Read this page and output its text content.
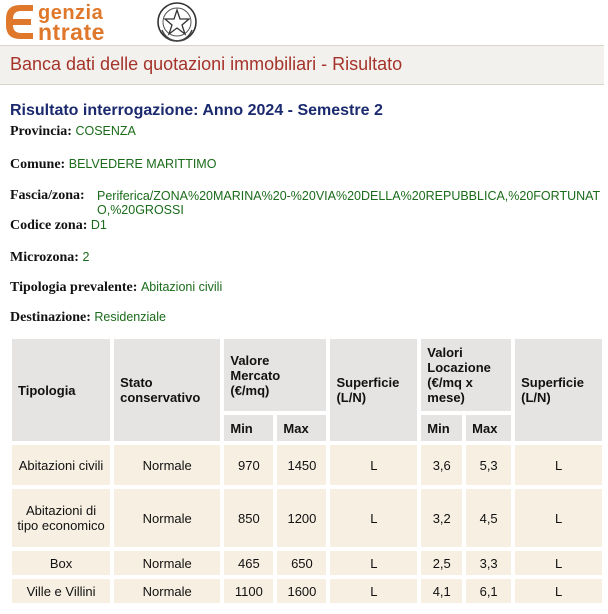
genzia
ntrate
Banca dati delle quotazioni immobiliari - Risultato
Risultato interrogazione: Anno 2024 - Semestre 2
Provincia: COSENZA
Comune: BELVEDERE MARITTIMO
Fascia/zona: Periferica/ZONA%20MARINA%20-%20VIA%20DELLA%20REPUBBLICA,%20FORTUNATO,%20GROSSI
Codice zona: D1
Microzona: 2
Tipologia prevalente: Abitazioni civili
Destinazione: Residenziale
Tipologia	Stato conservativo	Valore Mercato (€/mq)		Superficie (L/N)	Valori Locazione (€/mq x mese)		Superficie (L/N)
		Min	Max		Min	Max	
Abitazioni civili	Normale	970	1450	L	3,6	5,3	L
Abitazioni di tipo economico	Normale	850	1200	L	3,2	4,5	L
Box	Normale	465	650	L	2,5	3,3	L
Ville e Villini	Normale	1100	1600	L	4,1	6,1	L
